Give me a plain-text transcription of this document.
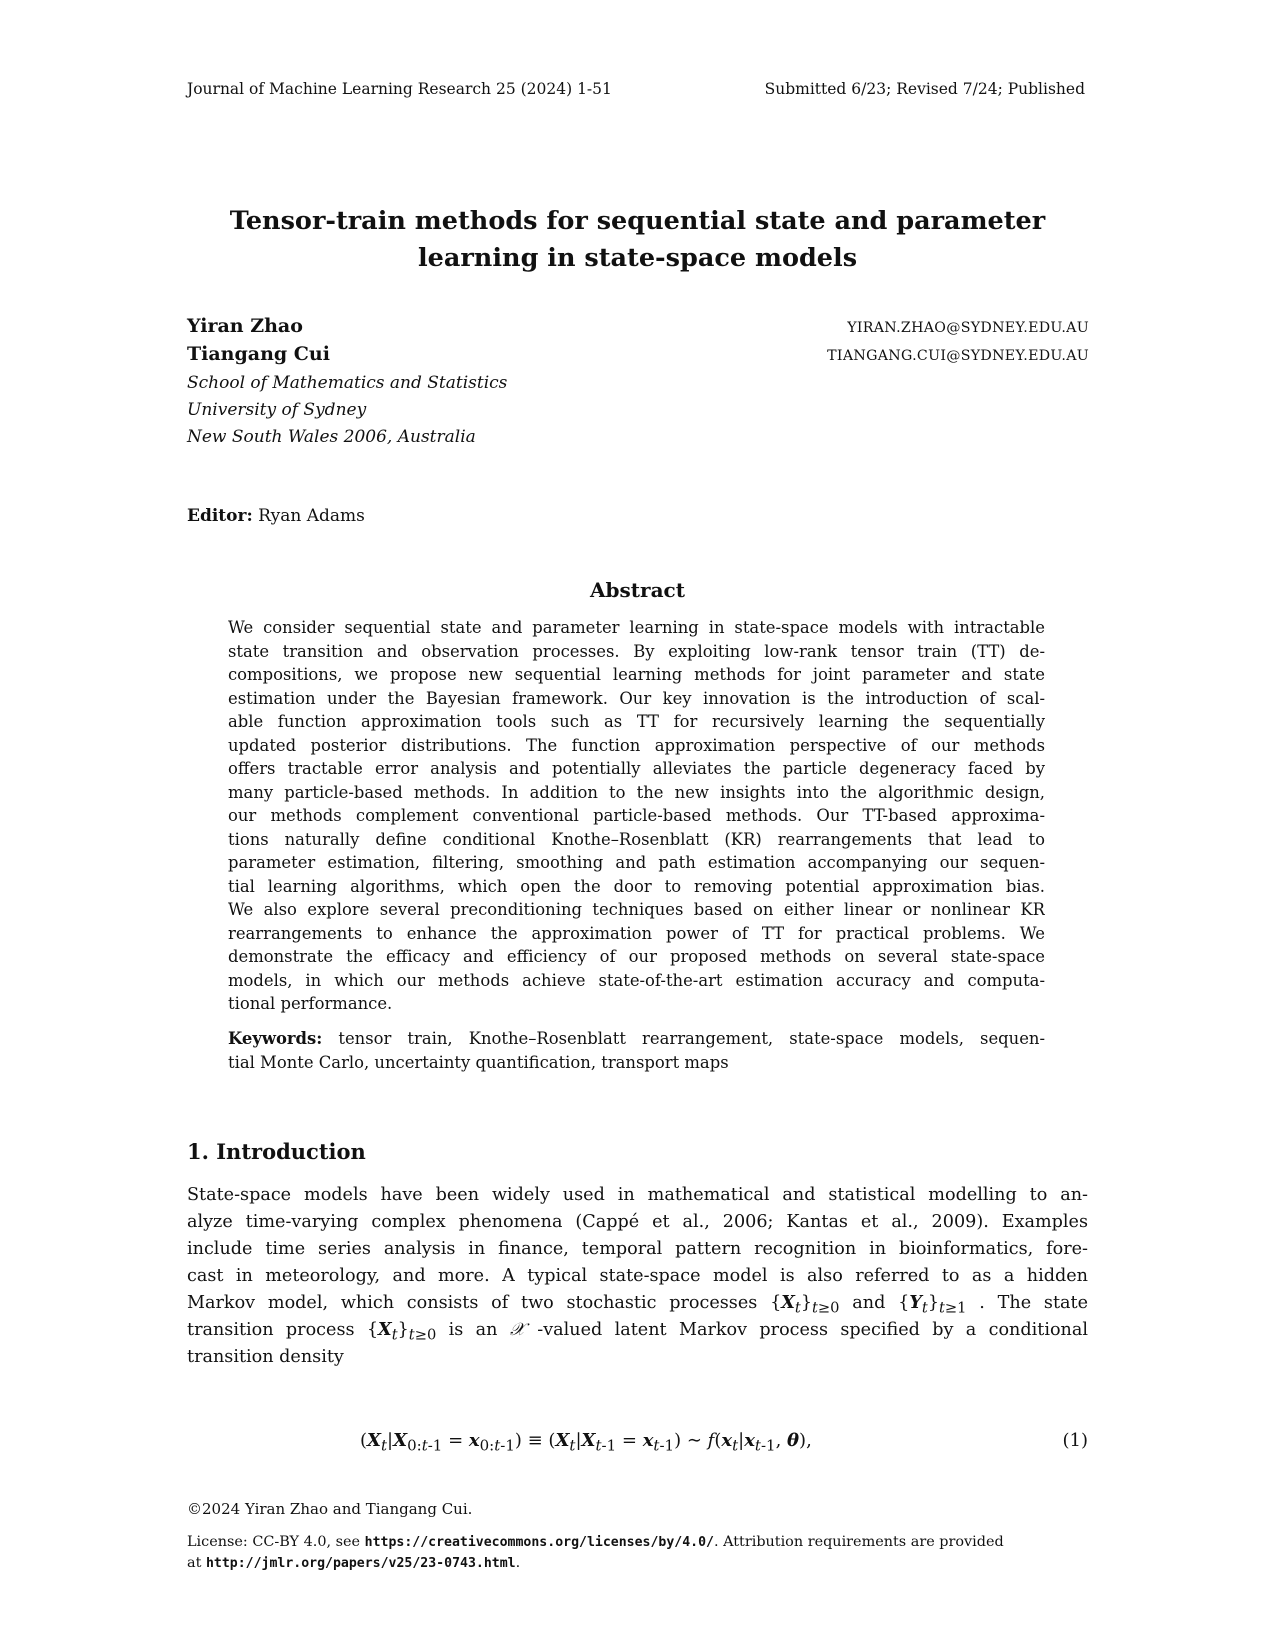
Journal of Machine Learning Research 25 (2024) 1-51	Submitted 6/23; Revised 7/24; Published
Tensor-train methods for sequential state and parameter
learning in state-space models
Yiran Zhao	YIRAN.ZHAO@SYDNEY.EDU.AU
Tiangang Cui	TIANGANG.CUI@SYDNEY.EDU.AU
School of Mathematics and Statistics
University of Sydney
New South Wales 2006, Australia
Editor: Ryan Adams
Abstract
We consider sequential state and parameter learning in state-space models with intractable
state transition and observation processes. By exploiting low-rank tensor train (TT) de-
compositions, we propose new sequential learning methods for joint parameter and state
estimation under the Bayesian framework. Our key innovation is the introduction of scal-
able function approximation tools such as TT for recursively learning the sequentially
updated posterior distributions. The function approximation perspective of our methods
offers tractable error analysis and potentially alleviates the particle degeneracy faced by
many particle-based methods. In addition to the new insights into the algorithmic design,
our methods complement conventional particle-based methods. Our TT-based approxima-
tions naturally define conditional Knothe–Rosenblatt (KR) rearrangements that lead to
parameter estimation, filtering, smoothing and path estimation accompanying our sequen-
tial learning algorithms, which open the door to removing potential approximation bias.
We also explore several preconditioning techniques based on either linear or nonlinear KR
rearrangements to enhance the approximation power of TT for practical problems. We
demonstrate the efficacy and efficiency of our proposed methods on several state-space
models, in which our methods achieve state-of-the-art estimation accuracy and computa-
tional performance.
Keywords: tensor train, Knothe–Rosenblatt rearrangement, state-space models, sequen-
tial Monte Carlo, uncertainty quantification, transport maps
1. Introduction
State-space models have been widely used in mathematical and statistical modelling to an-
alyze time-varying complex phenomena (Cappé et al., 2006; Kantas et al., 2009). Examples
include time series analysis in finance, temporal pattern recognition in bioinformatics, fore-
cast in meteorology, and more. A typical state-space model is also referred to as a hidden
Markov model, which consists of two stochastic processes $\{X_t\}_{t\ge 0}$ and $\{Y_t\}_{t\ge 1}$ . The state
transition process $\{X_t\}_{t\ge 0}$ is an 𝒳 -valued latent Markov process specified by a conditional
transition density
$(X_t|X_{0:t-1} = x_{0:t-1}) \equiv (X_t|X_{t-1} = x_{t-1})$ ∼ $f(x_t|x_{t-1}$, θ),	(1)
©2024 Yiran Zhao and Tiangang Cui.
License: CC-BY 4.0, see https://creativecommons.org/licenses/by/4.0/. Attribution requirements are provided
at http://jmlr.org/papers/v25/23-0743.html.
